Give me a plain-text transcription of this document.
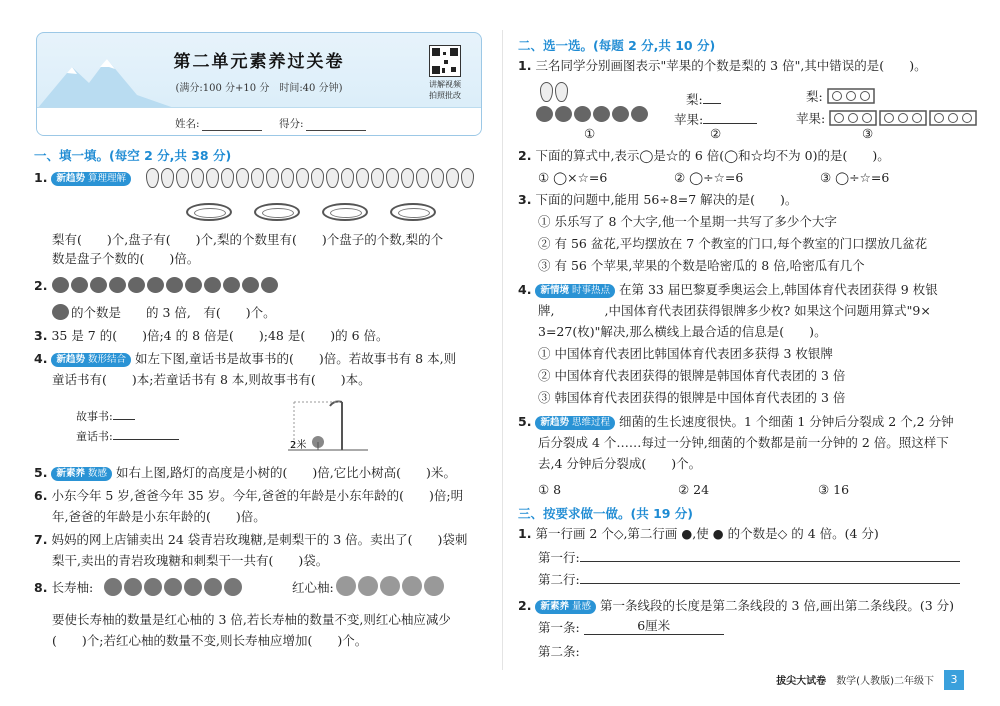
第二单元素养过关卷
(满分:100 分+10 分　时间:40 分钟)	讲解视频
拍照批改
姓名:	得分:
一、填一填。(每空 2 分,共 38 分)
1. 新趋势 算理理解
梨有(　　)个,盘子有(　　)个,梨的个数里有(　　)个盘子的个数,梨的个
数是盘子个数的(　　)倍。
2.
的个数是　　的 3 倍,　有(　　)个。
3. 35 是 7 的(　　)倍;4 的 8 倍是(　　);48 是(　　)的 6 倍。
4. 新趋势 数形结合 如左下图,童话书是故事书的(　　)倍。若故事书有 8 本,则
童话书有(　　)本;若童话书有 8 本,则故事书有(　　)本。
故事书:
童话书:
2米
5. 新素养 数感 如右上图,路灯的高度是小树的(　　)倍,它比小树高(　　)米。
6. 小东今年 5 岁,爸爸今年 35 岁。今年,爸爸的年龄是小东年龄的(　　)倍;明
年,爸爸的年龄是小东年龄的(　　)倍。
7. 妈妈的网上店铺卖出 24 袋青岩玫瑰糖,是刺梨干的 3 倍。卖出了(　　)袋刺
梨干,卖出的青岩玫瑰糖和刺梨干一共有(　　)袋。
8. 长寿柚:	红心柚:
要使长寿柚的数量是红心柚的 3 倍,若长寿柚的数量不变,则红心柚应减少
(　　)个;若红心柚的数量不变,则长寿柚应增加(　　)个。
二、选一选。(每题 2 分,共 10 分)
1. 三名同学分别画图表示"苹果的个数是梨的 3 倍",其中错误的是(　　)。
①
梨:
苹果:
②
梨:
苹果:
③
2. 下面的算式中,表示◯是☆的 6 倍(◯和☆均不为 0)的是(　　)。
① ◯×☆=6	② ◯÷☆=6	③ ◯÷☆=6
3. 下面的问题中,能用 56÷8=7 解决的是(　　)。
① 乐乐写了 8 个大字,他一个星期一共写了多少个大字
② 有 56 盆花,平均摆放在 7 个教室的门口,每个教室的门口摆放几盆花
③ 有 56 个苹果,苹果的个数是哈密瓜的 8 倍,哈密瓜有几个
4. 新情境 时事热点 在第 33 届巴黎夏季奥运会上,韩国体育代表团获得 9 枚银
牌,　　　　,中国体育代表团获得银牌多少枚? 如果这个问题用算式"9×
3=27(枚)"解决,那么横线上最合适的信息是(　　)。
① 中国体育代表团比韩国体育代表团多获得 3 枚银牌
② 中国体育代表团获得的银牌是韩国体育代表团的 3 倍
③ 韩国体育代表团获得的银牌是中国体育代表团的 3 倍
5. 新趋势 思维过程 细菌的生长速度很快。1 个细菌 1 分钟后分裂成 2 个,2 分钟
后分裂成 4 个……每过一分钟,细菌的个数都是前一分钟的 2 倍。照这样下
去,4 分钟后分裂成(　　)个。
① 8	② 24	③ 16
三、按要求做一做。(共 19 分)
1. 第一行画 2 个◇,第二行画 ●,使 ● 的个数是◇ 的 4 倍。(4 分)
第一行:
第二行:
2. 新素养 量感 第一条线段的长度是第二条线段的 3 倍,画出第二条线段。(3 分)
第一条:	6厘米
第二条:
拔尖大试卷　 数学(人教版)二年级下	3
